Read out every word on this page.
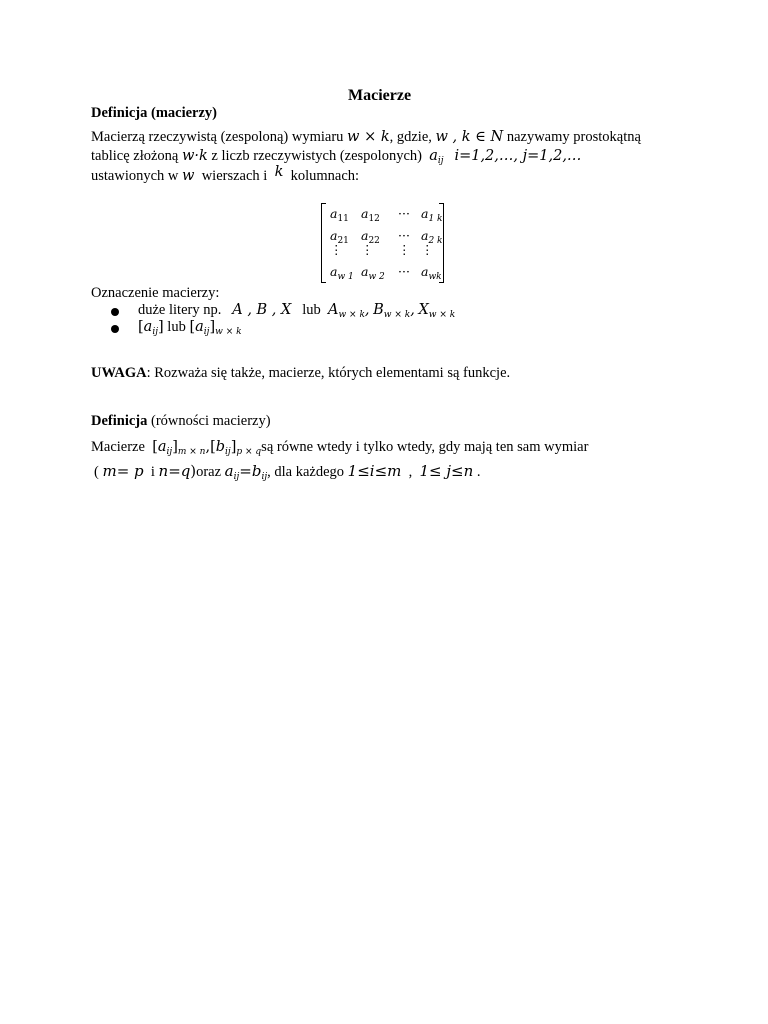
Macierze
Definicja (macierzy)
Macierzą rzeczywistą (zespoloną) wymiaru w × k, gdzie, w , k ∈ N nazywamy prostokątną
tablicę złożoną w·k z liczb rzeczywistych (zespolonych) $a_{ij}$ i=1,2,…, j=1,2,…
ustawionych w w wierszach i k kolumnach:
$a_{11}$ $a_{12}$ ··· $a_{1 k}$
$a_{21}$ $a_{22}$ ··· $a_{2 k}$
⋮ ⋮ ⋮ ⋮
$a_{w 1}$ $a_{w 2}$ ··· $a_{wk}$
Oznaczenie macierzy:
duże litery np. A , B , X lub $A_{w \times k}$, $B_{w \times k}$, $X_{w \times k}$
$[a_{ij}]$ lub $[a_{ij}]_{w \times k}$
UWAGA: Rozważa się także, macierze, których elementami są funkcje.
Definicja (równości macierzy)
Macierze $[a_{ij}]_{m \times n},[b_{ij}]_{p \times q}są$ równe wtedy i tylko wtedy, gdy mają ten sam wymiar
( m= p i n=q)oraz $a_{ij}=b_{ij}$, dla każdego 1≤i≤m , 1≤ j≤n .
